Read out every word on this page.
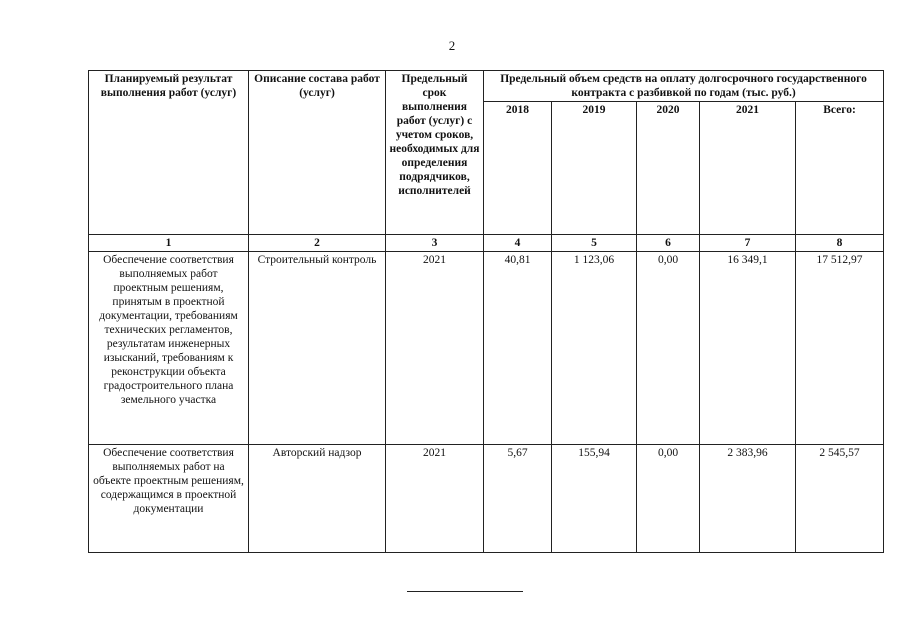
2
Планируемый результат выполнения работ (услуг)	Описание состава работ (услуг)	Предельный срок выполнения работ (услуг) с учетом сроков, необходимых для определения подрядчиков, исполнителей	Предельный объем средств на оплату долгосрочного государственного контракта с разбивкой по годам (тыс. руб.)				
			2018	2019	2020	2021	Всего:
1	2	3	4	5	6	7	8
Обеспечение соответствия выполняемых работ проектным решениям, принятым в проектной документации, требованиям технических регламентов, результатам инженерных изысканий, требованиям к реконструкции объекта градостроительного плана земельного участка	Строительный контроль	2021	40,81	1 123,06	0,00	16 349,1	17 512,97
Обеспечение соответствия выполняемых работ на объекте проектным решениям, содержащимся в проектной документации	Авторский надзор	2021	5,67	155,94	0,00	2 383,96	2 545,57
